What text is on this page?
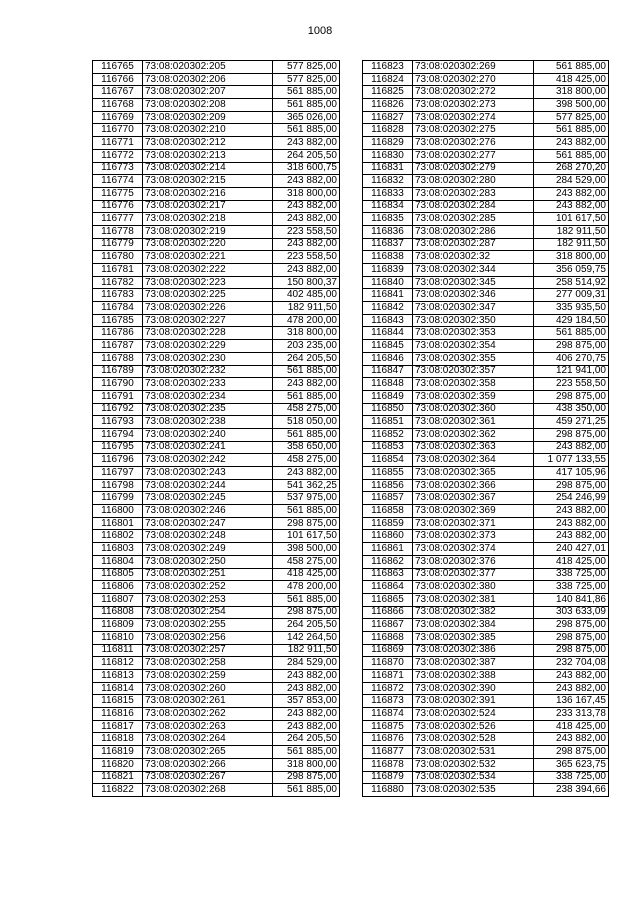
1008
116765	73:08:020302:205	577 825,00
116766	73:08:020302:206	577 825,00
116767	73:08:020302:207	561 885,00
116768	73:08:020302:208	561 885,00
116769	73:08:020302:209	365 026,00
116770	73:08:020302:210	561 885,00
116771	73:08:020302:212	243 882,00
116772	73:08:020302:213	264 205,50
116773	73:08:020302:214	318 600,75
116774	73:08:020302:215	243 882,00
116775	73:08:020302:216	318 800,00
116776	73:08:020302:217	243 882,00
116777	73:08:020302:218	243 882,00
116778	73:08:020302:219	223 558,50
116779	73:08:020302:220	243 882,00
116780	73:08:020302:221	223 558,50
116781	73:08:020302:222	243 882,00
116782	73:08:020302:223	150 800,37
116783	73:08:020302:225	402 485,00
116784	73:08:020302:226	182 911,50
116785	73:08:020302:227	478 200,00
116786	73:08:020302:228	318 800,00
116787	73:08:020302:229	203 235,00
116788	73:08:020302:230	264 205,50
116789	73:08:020302:232	561 885,00
116790	73:08:020302:233	243 882,00
116791	73:08:020302:234	561 885,00
116792	73:08:020302:235	458 275,00
116793	73:08:020302:238	518 050,00
116794	73:08:020302:240	561 885,00
116795	73:08:020302:241	358 650,00
116796	73:08:020302:242	458 275,00
116797	73:08:020302:243	243 882,00
116798	73:08:020302:244	541 362,25
116799	73:08:020302:245	537 975,00
116800	73:08:020302:246	561 885,00
116801	73:08:020302:247	298 875,00
116802	73:08:020302:248	101 617,50
116803	73:08:020302:249	398 500,00
116804	73:08:020302:250	458 275,00
116805	73:08:020302:251	418 425,00
116806	73:08:020302:252	478 200,00
116807	73:08:020302:253	561 885,00
116808	73:08:020302:254	298 875,00
116809	73:08:020302:255	264 205,50
116810	73:08:020302:256	142 264,50
116811	73:08:020302:257	182 911,50
116812	73:08:020302:258	284 529,00
116813	73:08:020302:259	243 882,00
116814	73:08:020302:260	243 882,00
116815	73:08:020302:261	357 853,00
116816	73:08:020302:262	243 882,00
116817	73:08:020302:263	243 882,00
116818	73:08:020302:264	264 205,50
116819	73:08:020302:265	561 885,00
116820	73:08:020302:266	318 800,00
116821	73:08:020302:267	298 875,00
116822	73:08:020302:268	561 885,00
116823	73:08:020302:269	561 885,00
116824	73:08:020302:270	418 425,00
116825	73:08:020302:272	318 800,00
116826	73:08:020302:273	398 500,00
116827	73:08:020302:274	577 825,00
116828	73:08:020302:275	561 885,00
116829	73:08:020302:276	243 882,00
116830	73:08:020302:277	561 885,00
116831	73:08:020302:279	268 270,20
116832	73:08:020302:280	284 529,00
116833	73:08:020302:283	243 882,00
116834	73:08:020302:284	243 882,00
116835	73:08:020302:285	101 617,50
116836	73:08:020302:286	182 911,50
116837	73:08:020302:287	182 911,50
116838	73:08:020302:32	318 800,00
116839	73:08:020302:344	356 059,75
116840	73:08:020302:345	258 514,92
116841	73:08:020302:346	277 009,31
116842	73:08:020302:347	335 935,50
116843	73:08:020302:350	429 184,50
116844	73:08:020302:353	561 885,00
116845	73:08:020302:354	298 875,00
116846	73:08:020302:355	406 270,75
116847	73:08:020302:357	121 941,00
116848	73:08:020302:358	223 558,50
116849	73:08:020302:359	298 875,00
116850	73:08:020302:360	438 350,00
116851	73:08:020302:361	459 271,25
116852	73:08:020302:362	298 875,00
116853	73:08:020302:363	243 882,00
116854	73:08:020302:364	1 077 133,55
116855	73:08:020302:365	417 105,96
116856	73:08:020302:366	298 875,00
116857	73:08:020302:367	254 246,99
116858	73:08:020302:369	243 882,00
116859	73:08:020302:371	243 882,00
116860	73:08:020302:373	243 882,00
116861	73:08:020302:374	240 427,01
116862	73:08:020302:376	418 425,00
116863	73:08:020302:377	338 725,00
116864	73:08:020302:380	338 725,00
116865	73:08:020302:381	140 841,86
116866	73:08:020302:382	303 633,09
116867	73:08:020302:384	298 875,00
116868	73:08:020302:385	298 875,00
116869	73:08:020302:386	298 875,00
116870	73:08:020302:387	232 704,08
116871	73:08:020302:388	243 882,00
116872	73:08:020302:390	243 882,00
116873	73:08:020302:391	136 167,45
116874	73:08:020302:524	233 313,78
116875	73:08:020302:526	418 425,00
116876	73:08:020302:528	243 882,00
116877	73:08:020302:531	298 875,00
116878	73:08:020302:532	365 623,75
116879	73:08:020302:534	338 725,00
116880	73:08:020302:535	238 394,66
